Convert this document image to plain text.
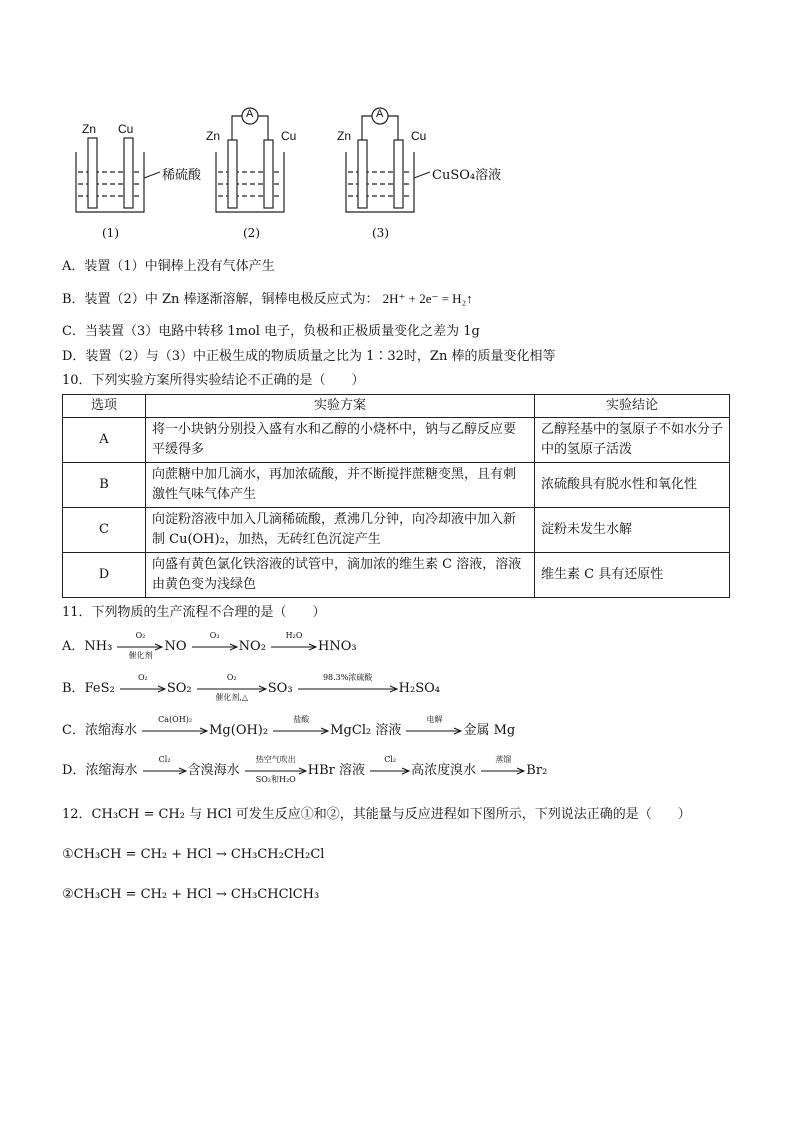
Zn Cu
稀硫酸
(1)
Zn	Cu
A
(2)
Zn	Cu
A
CuSO₄溶液
(3)
A．装置（1）中铜棒上没有气体产生
B．装置（2）中 Zn 棒逐渐溶解，铜棒电极反应式为： 2H⁺ + 2e⁻ = H₂↑
C．当装置（3）电路中转移 1mol 电子，负极和正极质量变化之差为 1g
D．装置（2）与（3）中正极生成的物质质量之比为 1∶32时，Zn 棒的质量变化相等
10．下列实验方案所得实验结论不正确的是（　　）
选项	实验方案	实验结论
A	将一小块钠分别投入盛有水和乙醇的小烧杯中，钠与乙醇反应要平缓得多	乙醇羟基中的氢原子不如水分子中的氢原子活泼
B	向蔗糖中加几滴水，再加浓硫酸，并不断搅拌蔗糖变黑，且有刺激性气味气体产生	浓硫酸具有脱水性和氧化性
C	向淀粉溶液中加入几滴稀硫酸，煮沸几分钟，向冷却液中加入新制 Cu(OH)₂，加热，无砖红色沉淀产生	淀粉未发生水解
D	向盛有黄色氯化铁溶液的试管中，滴加浓的维生素 C 溶液，溶液由黄色变为浅绿色	维生素 C 具有还原性
11．下列物质的生产流程不合理的是（　　）
A．NH₃
O₂
催化剂
NO
O₂
NO₂
H₂O
HNO₃
B．FeS₂
O₂
SO₂
O₂
催化剂,△
SO₃
98.3%浓硫酸
H₂SO₄
C．浓缩海水
Ca(OH)₂
Mg(OH)₂
盐酸
MgCl₂ 溶液
电解
金属 Mg
D．浓缩海水
Cl₂
含溴海水
热空气吹出
SO₂和H₂O
HBr 溶液
Cl₂
高浓度溴水
蒸馏
Br₂
12．CH₃CH = CH₂ 与 HCl 可发生反应①和②，其能量与反应进程如下图所示，下列说法正确的是（　　）
①CH₃CH = CH₂ + HCl → CH₃CH₂CH₂Cl
②CH₃CH = CH₂ + HCl → CH₃CHClCH₃
